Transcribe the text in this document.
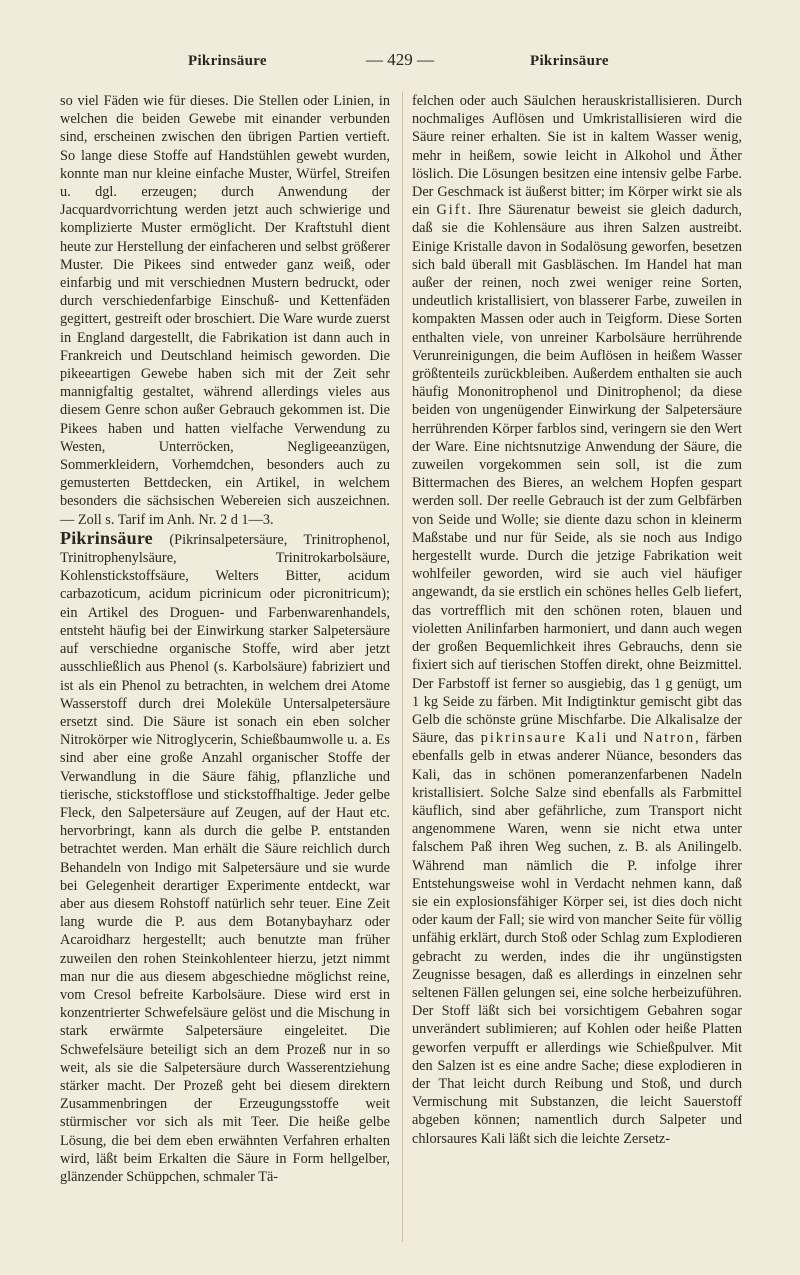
Pikrinsäure	— 429 —	Pikrinsäure

so viel Fäden wie für dieses. Die Stellen oder Linien, in welchen die beiden Gewebe mit einander verbunden sind, erscheinen zwischen den übrigen Partien vertieft. So lange diese Stoffe auf Handstühlen gewebt wurden, konnte man nur kleine einfache Muster, Würfel, Streifen u. dgl. erzeugen; durch Anwendung der Jacquardvorrichtung werden jetzt auch schwierige und komplizierte Muster ermöglicht. Der Kraftstuhl dient heute zur Herstellung der einfacheren und selbst größerer Muster. Die Pikees sind entweder ganz weiß, oder einfarbig und mit verschiednen Mustern bedruckt, oder durch verschiedenfarbige Einschuß- und Kettenfäden gegittert, gestreift oder broschiert. Die Ware wurde zuerst in England dargestellt, die Fabrikation ist dann auch in Frankreich und Deutschland heimisch geworden. Die pikeeartigen Gewebe haben sich mit der Zeit sehr mannigfaltig gestaltet, während allerdings vieles aus diesem Genre schon außer Gebrauch gekommen ist. Die Pikees haben und hatten vielfache Verwendung zu Westen, Unterröcken, Negligeeanzügen, Sommerkleidern, Vorhemdchen, besonders auch zu gemusterten Bettdecken, ein Artikel, in welchem besonders die sächsischen Webereien sich auszeichnen. — Zoll s. Tarif im Anh. Nr. 2 d 1—3.

Pikrinsäure (Pikrinsalpetersäure, Trinitrophenol, Trinitrophenylsäure, Trinitrokarbolsäure, Kohlenstickstoffsäure, Welters Bitter, acidum carbazoticum, acidum picrinicum oder picronitricum); ein Artikel des Droguen- und Farbenwarenhandels, entsteht häufig bei der Einwirkung starker Salpetersäure auf verschiedne organische Stoffe, wird aber jetzt ausschließlich aus Phenol (s. Karbolsäure) fabriziert und ist als ein Phenol zu betrachten, in welchem drei Atome Wasserstoff durch drei Moleküle Untersalpetersäure ersetzt sind. Die Säure ist sonach ein eben solcher Nitrokörper wie Nitroglycerin, Schießbaumwolle u. a. Es sind aber eine große Anzahl organischer Stoffe der Verwandlung in die Säure fähig, pflanzliche und tierische, stickstofflose und stickstoffhaltige. Jeder gelbe Fleck, den Salpetersäure auf Zeugen, auf der Haut etc. hervorbringt, kann als durch die gelbe P. entstanden betrachtet werden. Man erhält die Säure reichlich durch Behandeln von Indigo mit Salpetersäure und sie wurde bei Gelegenheit derartiger Experimente entdeckt, war aber aus diesem Rohstoff natürlich sehr teuer. Eine Zeit lang wurde die P. aus dem Botanybayharz oder Acaroidharz hergestellt; auch benutzte man früher zuweilen den rohen Steinkohlenteer hierzu, jetzt nimmt man nur die aus diesem abgeschiedne möglichst reine, vom Cresol befreite Karbolsäure. Diese wird erst in konzentrierter Schwefelsäure gelöst und die Mischung in stark erwärmte Salpetersäure eingeleitet. Die Schwefelsäure beteiligt sich an dem Prozeß nur in so weit, als sie die Salpetersäure durch Wasserentziehung stärker macht. Der Prozeß geht bei diesem direktern Zusammenbringen der Erzeugungsstoffe weit stürmischer vor sich als mit Teer. Die heiße gelbe Lösung, die bei dem eben erwähnten Verfahren erhalten wird, läßt beim Erkalten die Säure in Form hellgelber, glänzender Schüppchen, schmaler Tä-

felchen oder auch Säulchen herauskristallisieren. Durch nochmaliges Auflösen und Umkristallisieren wird die Säure reiner erhalten. Sie ist in kaltem Wasser wenig, mehr in heißem, sowie leicht in Alkohol und Äther löslich. Die Lösungen besitzen eine intensiv gelbe Farbe. Der Geschmack ist äußerst bitter; im Körper wirkt sie als ein Gift. Ihre Säurenatur beweist sie gleich dadurch, daß sie die Kohlensäure aus ihren Salzen austreibt. Einige Kristalle davon in Sodalösung geworfen, besetzen sich bald überall mit Gasbläschen. Im Handel hat man außer der reinen, noch zwei weniger reine Sorten, undeutlich kristallisiert, von blasserer Farbe, zuweilen in kompakten Massen oder auch in Teigform. Diese Sorten enthalten viele, von unreiner Karbolsäure herrührende Verunreinigungen, die beim Auflösen in heißem Wasser größtenteils zurückbleiben. Außerdem enthalten sie auch häufig Mononitrophenol und Dinitrophenol; da diese beiden von ungenügender Einwirkung der Salpetersäure herrührenden Körper farblos sind, veringern sie den Wert der Ware. Eine nichtsnutzige Anwendung der Säure, die zuweilen vorgekommen sein soll, ist die zum Bittermachen des Bieres, an welchem Hopfen gespart werden soll. Der reelle Gebrauch ist der zum Gelbfärben von Seide und Wolle; sie diente dazu schon in kleinerm Maßstabe und nur für Seide, als sie noch aus Indigo hergestellt wurde. Durch die jetzige Fabrikation weit wohlfeiler geworden, wird sie auch viel häufiger angewandt, da sie erstlich ein schönes helles Gelb liefert, das vortrefflich mit den schönen roten, blauen und violetten Anilinfarben harmoniert, und dann auch wegen der großen Bequemlichkeit ihres Gebrauchs, denn sie fixiert sich auf tierischen Stoffen direkt, ohne Beizmittel. Der Farbstoff ist ferner so ausgiebig, das 1 g genügt, um 1 kg Seide zu färben. Mit Indigtinktur gemischt gibt das Gelb die schönste grüne Mischfarbe. Die Alkalisalze der Säure, das pikrinsaure Kali und Natron, färben ebenfalls gelb in etwas anderer Nüance, besonders das Kali, das in schönen pomeranzenfarbenen Nadeln kristallisiert. Solche Salze sind ebenfalls als Farbmittel käuflich, sind aber gefährliche, zum Transport nicht angenommene Waren, wenn sie nicht etwa unter falschem Paß ihren Weg suchen, z. B. als Anilingelb. Während man nämlich die P. infolge ihrer Entstehungsweise wohl in Verdacht nehmen kann, daß sie ein explosionsfähiger Körper sei, ist dies doch nicht oder kaum der Fall; sie wird von mancher Seite für völlig unfähig erklärt, durch Stoß oder Schlag zum Explodieren gebracht zu werden, indes die ihr ungünstigsten Zeugnisse besagen, daß es allerdings in einzelnen sehr seltenen Fällen gelungen sei, eine solche herbeizuführen. Der Stoff läßt sich bei vorsichtigem Gebahren sogar unverändert sublimieren; auf Kohlen oder heiße Platten geworfen verpufft er allerdings wie Schießpulver. Mit den Salzen ist es eine andre Sache; diese explodieren in der That leicht durch Reibung und Stoß, und durch Vermischung mit Substanzen, die leicht Sauerstoff abgeben können; namentlich durch Salpeter und chlorsaures Kali läßt sich die leichte Zersetz-
